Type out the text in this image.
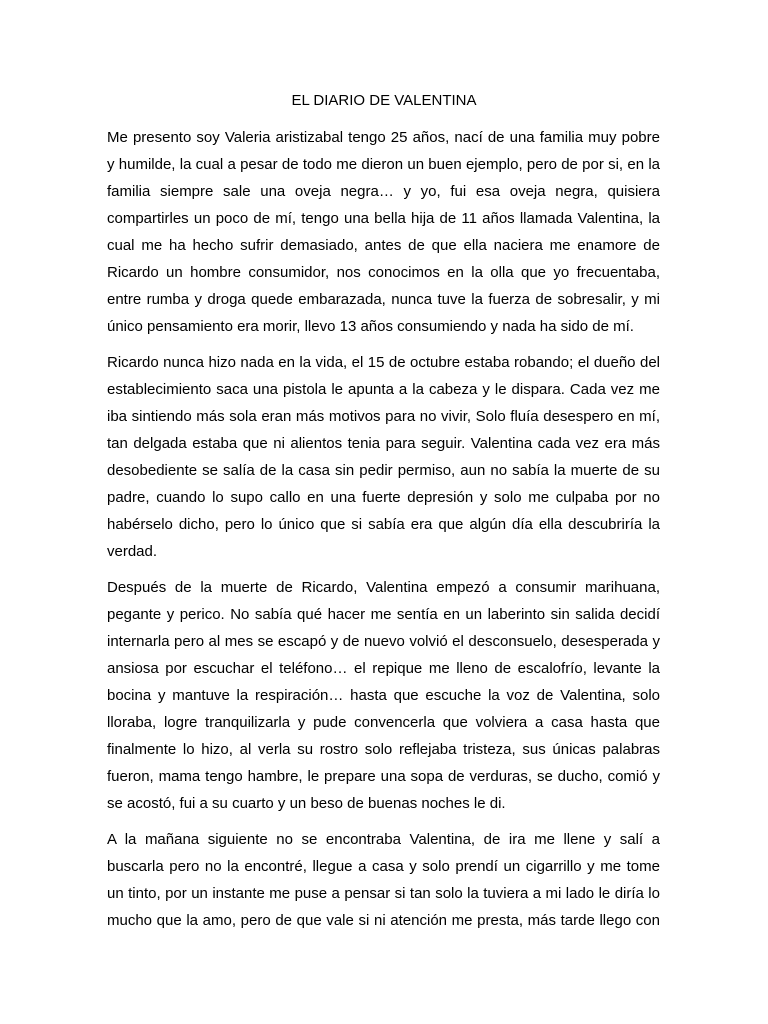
EL DIARIO DE VALENTINA
Me presento soy Valeria aristizabal tengo 25 años, nací de una familia muy pobre
y humilde, la cual a pesar de todo me dieron un buen ejemplo, pero de por si, en la
familia siempre sale una oveja negra… y yo, fui esa oveja negra, quisiera
compartirles un poco de mí, tengo una bella hija de 11 años llamada Valentina, la
cual me ha hecho sufrir demasiado, antes de que ella naciera me enamore de
Ricardo un hombre consumidor, nos conocimos en la olla que yo frecuentaba,
entre rumba y droga quede embarazada, nunca tuve la fuerza de sobresalir, y mi
único pensamiento era morir, llevo 13 años consumiendo y nada ha sido de mí.
Ricardo nunca hizo nada en la vida, el 15 de octubre estaba robando; el dueño del
establecimiento saca una pistola le apunta a la cabeza y le dispara. Cada vez me
iba sintiendo más sola eran más motivos para no vivir, Solo fluía desespero en mí,
tan delgada estaba que ni alientos tenia para seguir. Valentina cada vez era más
desobediente se salía de la casa sin pedir permiso, aun no sabía la muerte de su
padre, cuando lo supo callo en una fuerte depresión y solo me culpaba por no
habérselo dicho, pero lo único que si sabía era que algún día ella descubriría la
verdad.
Después de la muerte de Ricardo, Valentina empezó a consumir marihuana,
pegante y perico. No sabía qué hacer me sentía en un laberinto sin salida decidí
internarla pero al mes se escapó y de nuevo volvió el desconsuelo, desesperada y
ansiosa por escuchar el teléfono… el repique me lleno de escalofrío, levante la
bocina y mantuve la respiración… hasta que escuche la voz de Valentina, solo
lloraba, logre tranquilizarla y pude convencerla que volviera a casa hasta que
finalmente lo hizo, al verla su rostro solo reflejaba tristeza, sus únicas palabras
fueron, mama tengo hambre, le prepare una sopa de verduras, se ducho, comió y
se acostó, fui a su cuarto y un beso de buenas noches le di.
A la mañana siguiente no se encontraba Valentina, de ira me llene y salí a
buscarla pero no la encontré, llegue a casa y solo prendí un cigarrillo y me tome
un tinto, por un instante me puse a pensar si tan solo la tuviera a mi lado le diría lo
mucho que la amo, pero de que vale si ni atención me presta, más tarde llego con
